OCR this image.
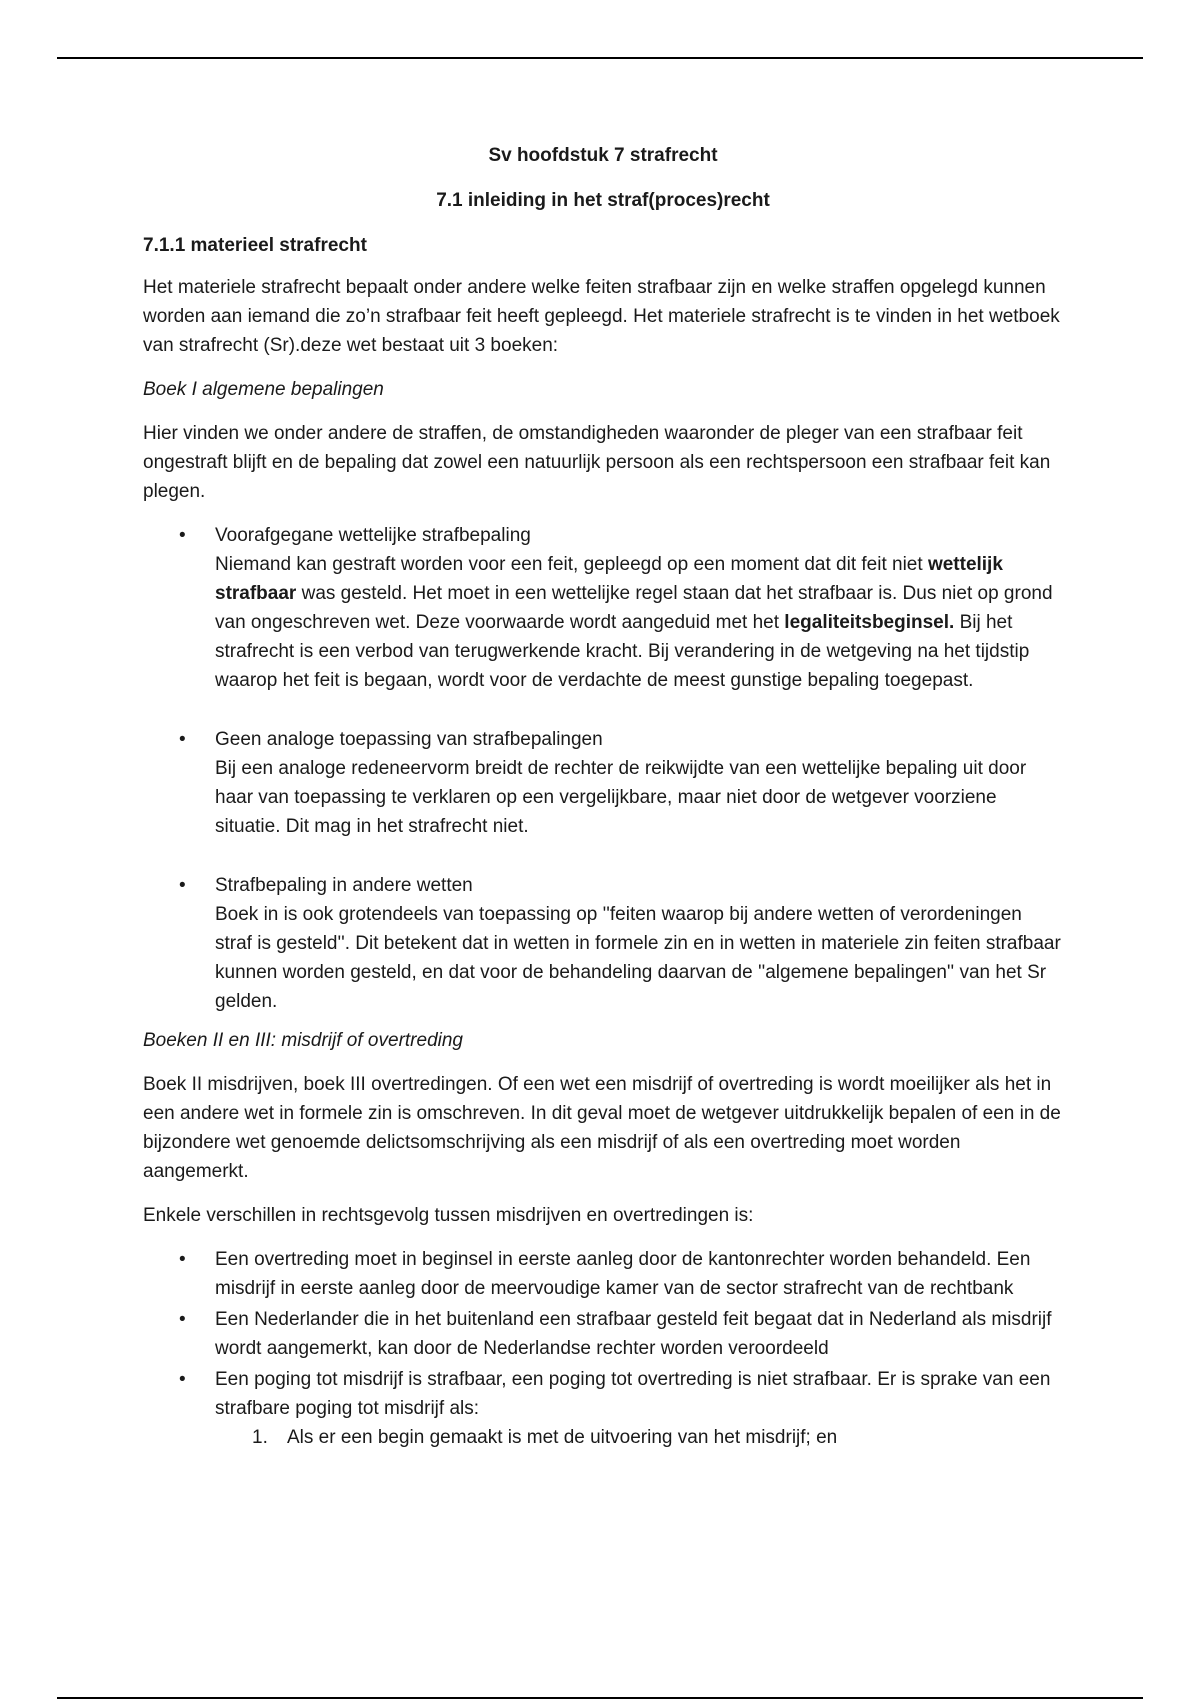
Sv hoofdstuk 7 strafrecht
7.1 inleiding in het straf(proces)recht
7.1.1 materieel strafrecht

Het materiele strafrecht bepaalt onder andere welke feiten strafbaar zijn en welke straffen opgelegd kunnen worden aan iemand die zo’n strafbaar feit heeft gepleegd. Het materiele strafrecht is te vinden in het wetboek van strafrecht (Sr).deze wet bestaat uit 3 boeken:

Boek I algemene bepalingen

Hier vinden we onder andere de straffen, de omstandigheden waaronder de pleger van een strafbaar feit ongestraft blijft en de bepaling dat zowel een natuurlijk persoon als een rechtspersoon een strafbaar feit kan plegen.

• Voorafgegane wettelijke strafbepaling
Niemand kan gestraft worden voor een feit, gepleegd op een moment dat dit feit niet wettelijk strafbaar was gesteld. Het moet in een wettelijke regel staan dat het strafbaar is. Dus niet op grond van ongeschreven wet. Deze voorwaarde wordt aangeduid met het legaliteitsbeginsel. Bij het strafrecht is een verbod van terugwerkende kracht. Bij verandering in de wetgeving na het tijdstip waarop het feit is begaan, wordt voor de verdachte de meest gunstige bepaling toegepast.
• Geen analoge toepassing van strafbepalingen
Bij een analoge redeneervorm breidt de rechter de reikwijdte van een wettelijke bepaling uit door haar van toepassing te verklaren op een vergelijkbare, maar niet door de wetgever voorziene situatie. Dit mag in het strafrecht niet.
• Strafbepaling in andere wetten
Boek in is ook grotendeels van toepassing op ''feiten waarop bij andere wetten of verordeningen straf is gesteld''. Dit betekent dat in wetten in formele zin en in wetten in materiele zin feiten strafbaar kunnen worden gesteld, en dat voor de behandeling daarvan de ''algemene bepalingen'' van het Sr gelden.

Boeken II en III: misdrijf of overtreding

Boek II misdrijven, boek III overtredingen. Of een wet een misdrijf of overtreding is wordt moeilijker als het in een andere wet in formele zin is omschreven. In dit geval moet de wetgever uitdrukkelijk bepalen of een in de bijzondere wet genoemde delictsomschrijving als een misdrijf of als een overtreding moet worden aangemerkt.

Enkele verschillen in rechtsgevolg tussen misdrijven en overtredingen is:

• Een overtreding moet in beginsel in eerste aanleg door de kantonrechter worden behandeld. Een misdrijf in eerste aanleg door de meervoudige kamer van de sector strafrecht van de rechtbank
• Een Nederlander die in het buitenland een strafbaar gesteld feit begaat dat in Nederland als misdrijf wordt aangemerkt, kan door de Nederlandse rechter worden veroordeeld
• Een poging tot misdrijf is strafbaar, een poging tot overtreding is niet strafbaar. Er is sprake van een strafbare poging tot misdrijf als:
1. Als er een begin gemaakt is met de uitvoering van het misdrijf; en
